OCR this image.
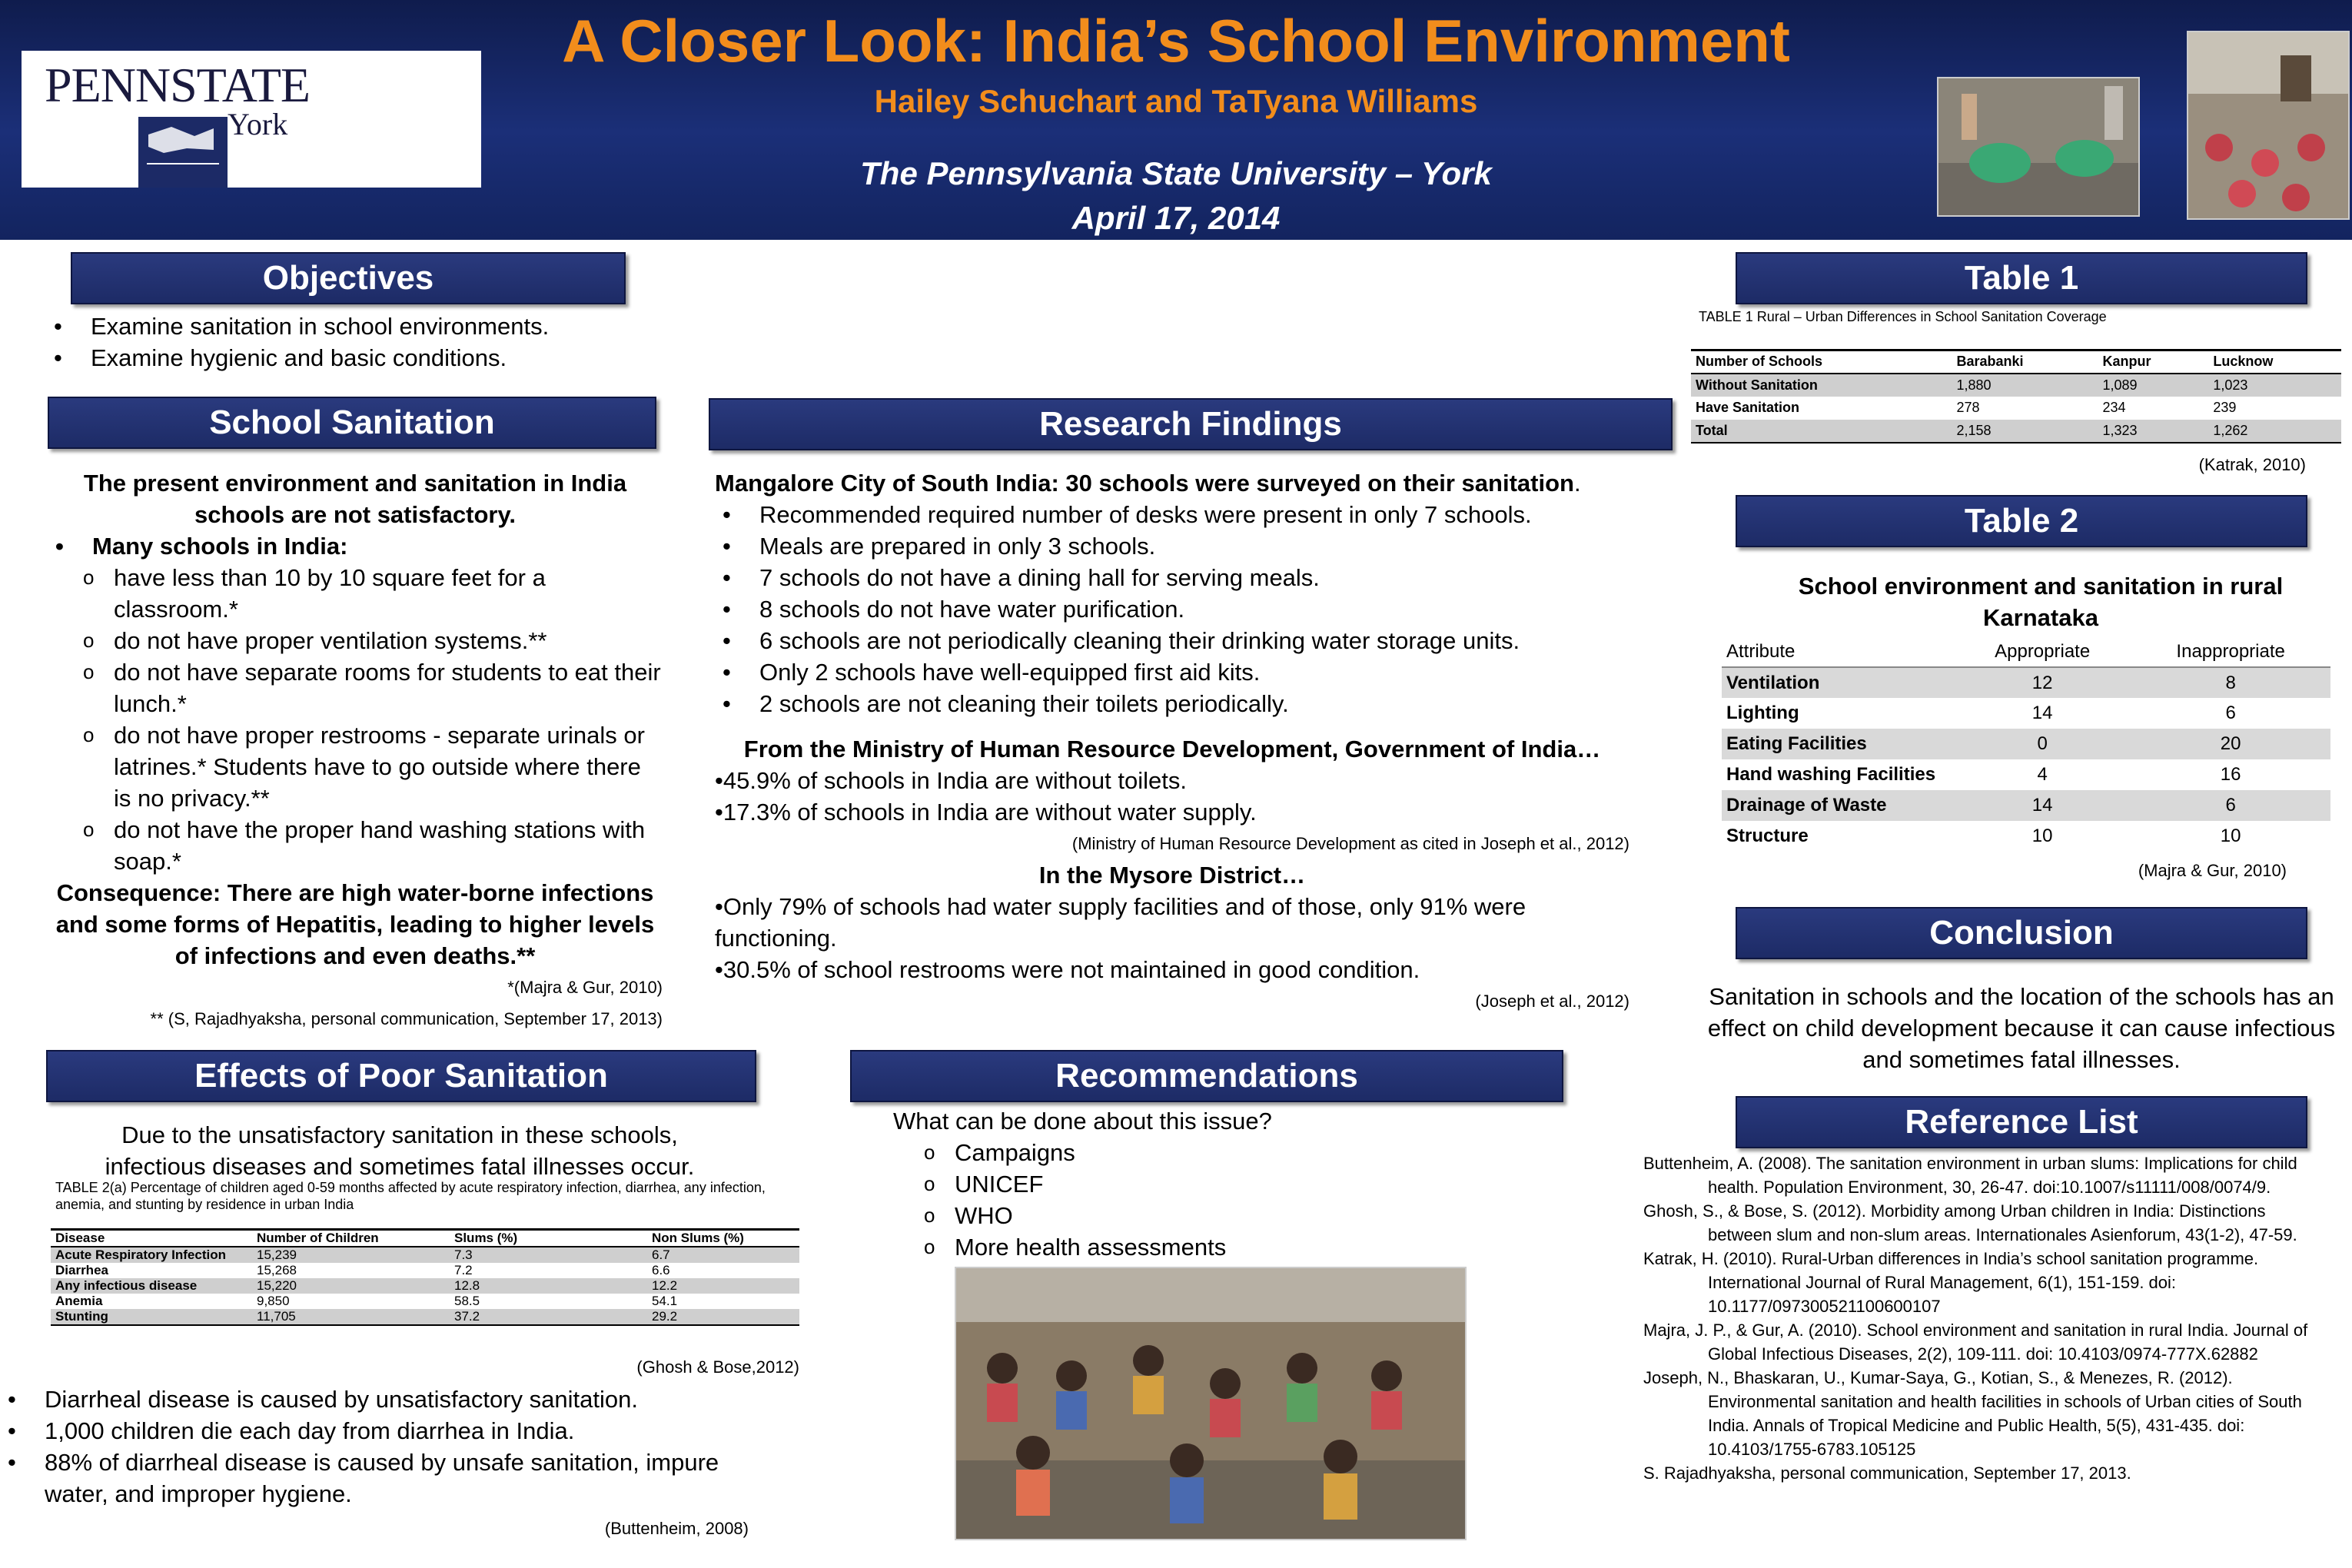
PENNSTATE
York
A Closer Look: India’s School Environment
Hailey Schuchart and TaTyana Williams
The Pennsylvania State University – York
April 17, 2014
Objectives
• Examine sanitation in school environments.
• Examine hygienic and basic conditions.
School Sanitation
The present environment and sanitation in India schools are not satisfactory.
• Many schools in India:
o have less than 10 by 10 square feet for a classroom.*
o do not have proper ventilation systems.**
o do not have separate rooms for students to eat their lunch.*
o do not have proper restrooms - separate urinals or latrines.* Students have to go outside where there is no privacy.**
o do not have the proper hand washing stations with soap.*
Consequence: There are high water-borne infections and some forms of Hepatitis, leading to higher levels of infections and even deaths.**
*(Majra & Gur, 2010)
** (S, Rajadhyaksha, personal communication, September 17, 2013)
Research Findings
Mangalore City of South India: 30 schools were surveyed on their sanitation.
• Recommended required number of desks were present in only 7 schools.
• Meals are prepared in only 3 schools.
• 7 schools do not have a dining hall for serving meals.
• 8 schools do not have water purification.
• 6 schools are not periodically cleaning their drinking water storage units.
• Only 2 schools have well-equipped first aid kits.
• 2 schools are not cleaning their toilets periodically.
From the Ministry of Human Resource Development, Government of India…
•45.9% of schools in India are without toilets.
•17.3% of schools in India are without water supply.
(Ministry of Human Resource Development as cited in Joseph et al., 2012)
In the Mysore District…
•Only 79% of schools had water supply facilities and of those, only 91% were functioning.
•30.5% of school restrooms were not maintained in good condition.
(Joseph et al., 2012)
Table 1
TABLE 1 Rural – Urban Differences in School Sanitation Coverage
Number of Schools	Barabanki	Kanpur	Lucknow
Without Sanitation	1,880	1,089	1,023
Have Sanitation	278	234	239
Total	2,158	1,323	1,262
(Katrak, 2010)
Table 2
School environment and sanitation in rural Karnataka
Attribute	Appropriate	Inappropriate
Ventilation	12	8
Lighting	14	6
Eating Facilities	0	20
Hand washing Facilities	4	16
Drainage of Waste	14	6
Structure	10	10
(Majra & Gur, 2010)
Conclusion
Sanitation in schools and the location of the schools has an effect on child development because it can cause infectious and sometimes fatal illnesses.
Reference List

Buttenheim, A. (2008). The sanitation environment in urban slums: Implications for child health. Population Environment, 30, 26-47. doi:10.1007/s11111/008/0074/9.

Ghosh, S., & Bose, S. (2012). Morbidity among Urban children in India: Distinctions between slum and non-slum areas. Internationales Asienforum, 43(1-2), 47-59.

Katrak, H. (2010). Rural-Urban differences in India’s school sanitation programme. International Journal of Rural Management, 6(1), 151-159. doi: 10.1177/097300521100600107

Majra, J. P., & Gur, A. (2010). School environment and sanitation in rural India. Journal of Global Infectious Diseases, 2(2), 109-111. doi: 10.4103/0974-777X.62882

Joseph, N., Bhaskaran, U., Kumar-Saya, G., Kotian, S., & Menezes, R. (2012). Environmental sanitation and health facilities in schools of Urban cities of South India. Annals of Tropical Medicine and Public Health, 5(5), 431-435. doi: 10.4103/1755-6783.105125

S. Rajadhyaksha, personal communication, September 17, 2013.

Effects of Poor Sanitation
Due to the unsatisfactory sanitation in these schools, infectious diseases and sometimes fatal illnesses occur.
TABLE 2(a) Percentage of children aged 0-59 months affected by acute respiratory infection, diarrhea, any infection, anemia, and stunting by residence in urban India
Disease	Number of Children	Slums (%)	Non Slums (%)
Acute Respiratory Infection	15,239	7.3	6.7
Diarrhea	15,268	7.2	6.6
Any infectious disease	15,220	12.8	12.2
Anemia	9,850	58.5	54.1
Stunting	11,705	37.2	29.2
(Ghosh & Bose,2012)
• Diarrheal disease is caused by unsatisfactory sanitation.
• 1,000 children die each day from diarrhea in India.
• 88% of diarrheal disease is caused by unsafe sanitation, impure water, and improper hygiene.
(Buttenheim, 2008)
Recommendations
What can be done about this issue?
o Campaigns
o UNICEF
o WHO
o More health assessments
